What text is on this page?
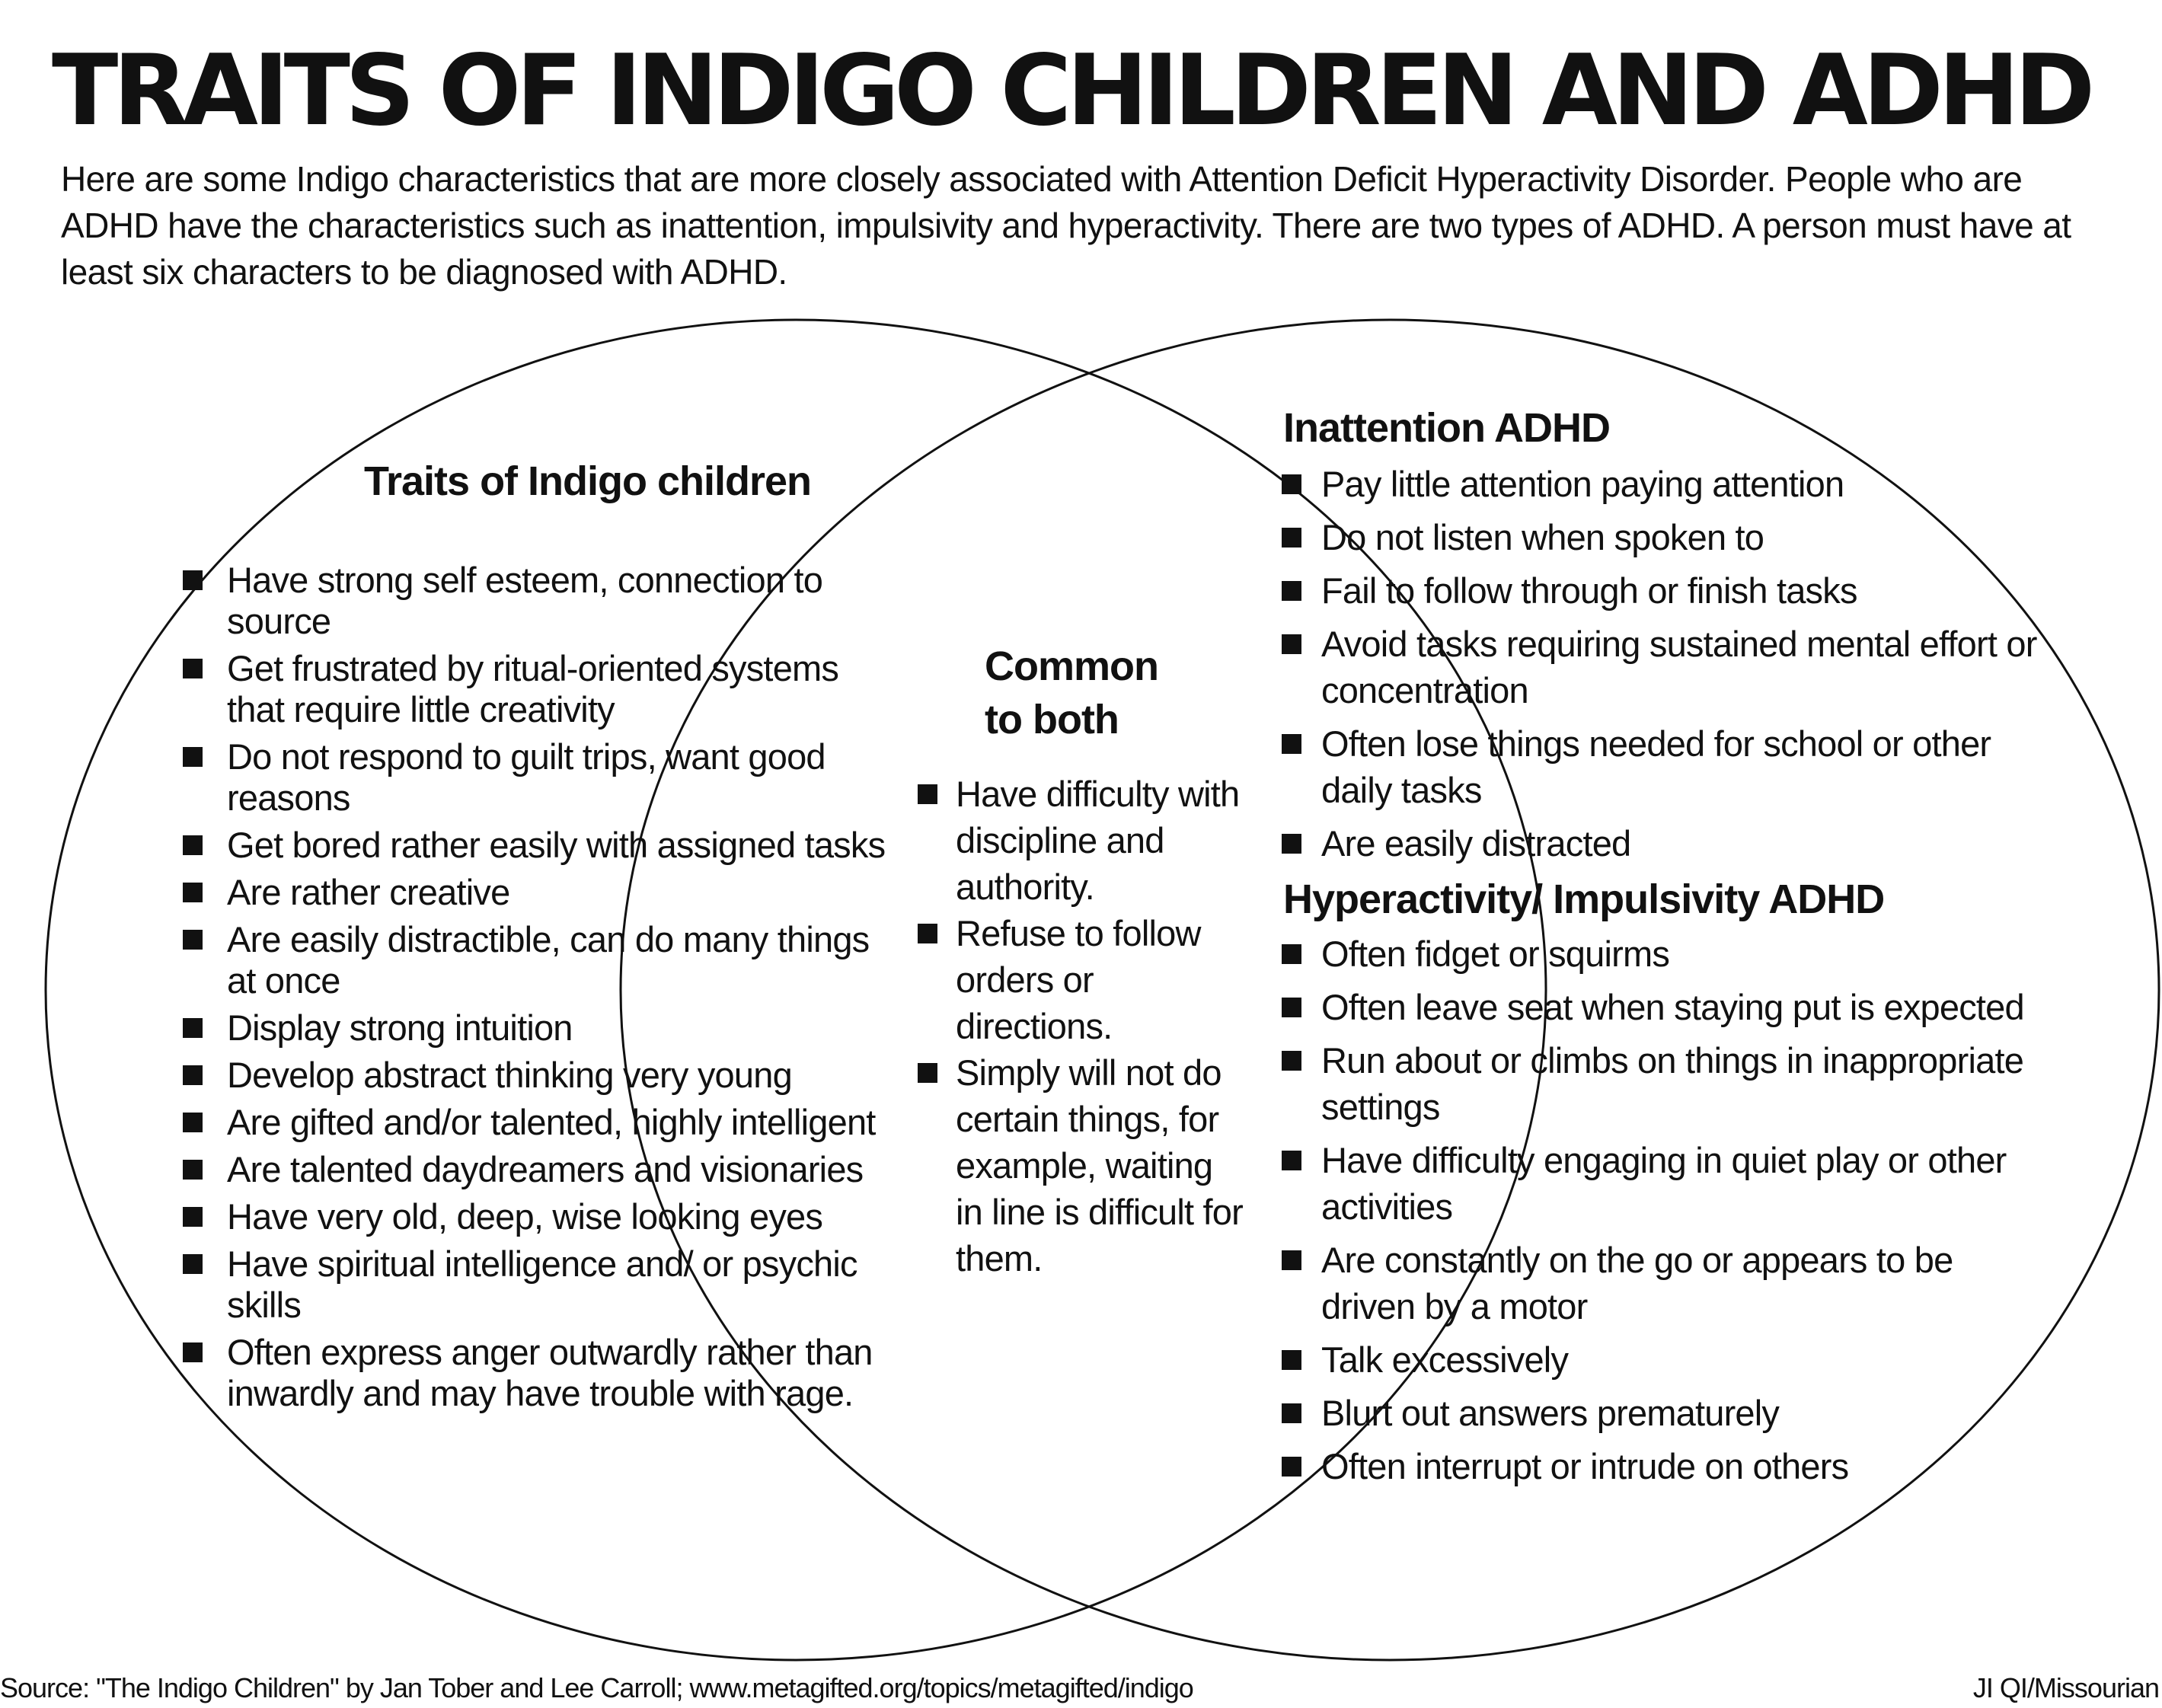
TRAITS OF INDIGO CHILDREN AND ADHD

Here are some Indigo characteristics that are more closely associated with Attention Deficit Hyperactivity Disorder. People who are ADHD have the characteristics such as inattention, impulsivity and hyperactivity. There are two types of ADHD. A person must have at least six characters to be diagnosed with ADHD.

Traits of Indigo children
Have strong self esteem, connection to source
Get frustrated by ritual-oriented systems that require little creativity
Do not respond to guilt trips, want good reasons
Get bored rather easily with assigned tasks
Are rather creative
Are easily distractible, can do many things at once
Display strong intuition
Develop abstract thinking very young
Are gifted and/or talented, highly intelligent
Are talented daydreamers and visionaries
Have very old, deep, wise looking eyes
Have spiritual intelligence and/ or psychic skills
Often express anger outwardly rather than inwardly and may have trouble with rage.
Common
to both
Have difficulty with discipline and authority.
Refuse to follow orders or directions.
Simply will not do certain things, for example, waiting in line is difficult for them.
Inattention ADHD
Pay little attention paying attention
Do not listen when spoken to
Fail to follow through or finish tasks
Avoid tasks requiring sustained mental effort or concentration
Often lose things needed for school or other daily tasks
Are easily distracted
Hyperactivity/ Impulsivity ADHD
Often fidget or squirms
Often leave seat when staying put is expected
Run about or climbs on things in inappropriate settings
Have difficulty engaging in quiet play or other activities
Are constantly on the go or appears to be driven by a motor
Talk excessively
Blurt out answers prematurely
Often interrupt or intrude on others

Source: "The Indigo Children" by Jan Tober and Lee Carroll; www.metagifted.org/topics/metagifted/indigo	JI QI/Missourian
